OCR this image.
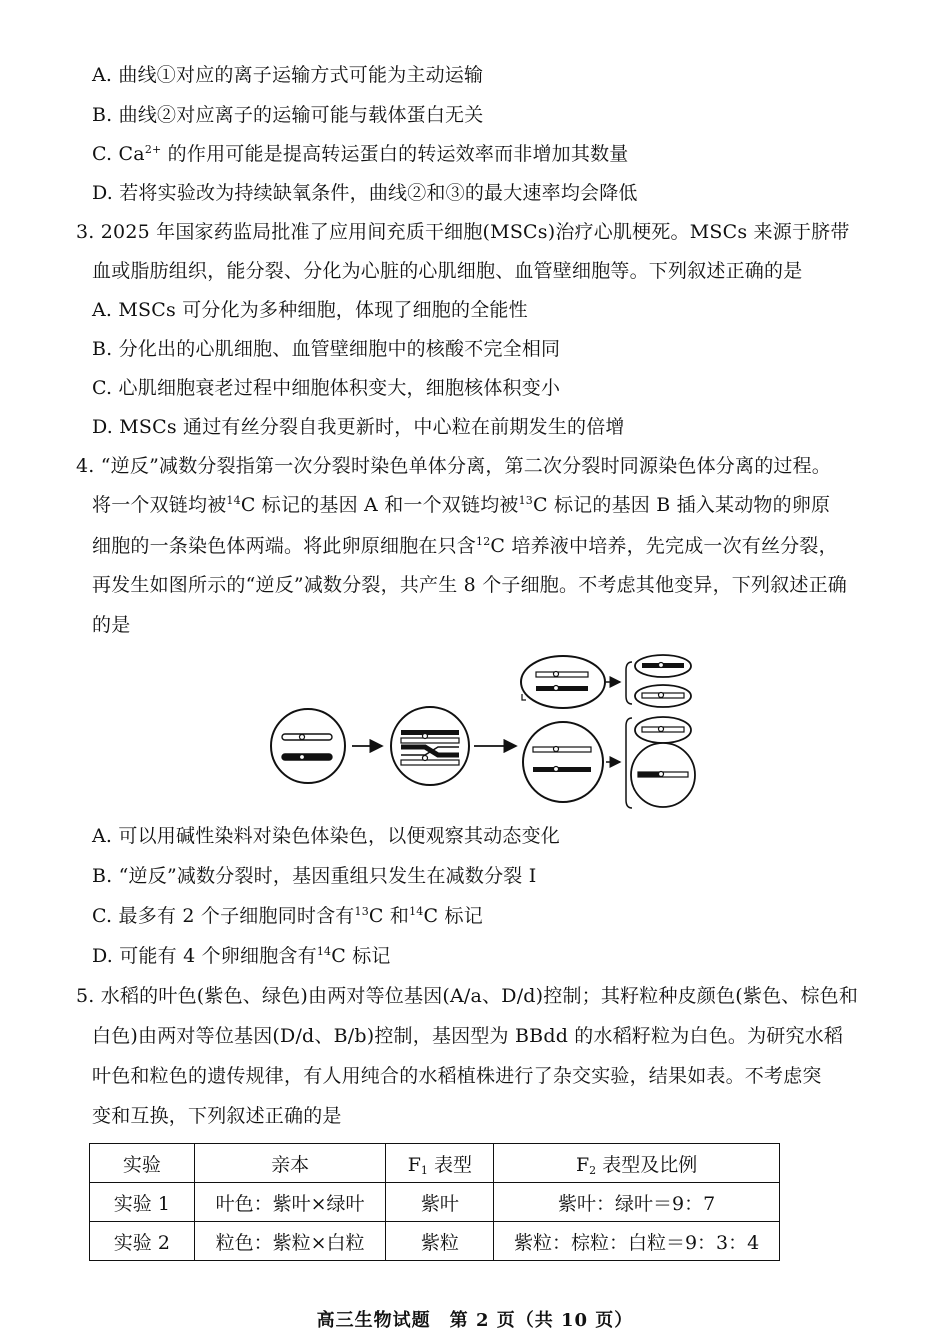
A. 曲线①对应的离子运输方式可能为主动运输
B. 曲线②对应离子的运输可能与载体蛋白无关
C. $Ca^{2+}$ 的作用可能是提高转运蛋白的转运效率而非增加其数量
D. 若将实验改为持续缺氧条件，曲线②和③的最大速率均会降低
3. 2025 年国家药监局批准了应用间充质干细胞(MSCs)治疗心肌梗死。MSCs 来源于脐带
血或脂肪组织，能分裂、分化为心脏的心肌细胞、血管壁细胞等。下列叙述正确的是
A. MSCs 可分化为多种细胞，体现了细胞的全能性
B. 分化出的心肌细胞、血管壁细胞中的核酸不完全相同
C. 心肌细胞衰老过程中细胞体积变大，细胞核体积变小
D. MSCs 通过有丝分裂自我更新时，中心粒在前期发生的倍增
4. “逆反”减数分裂指第一次分裂时染色单体分离，第二次分裂时同源染色体分离的过程。
将一个双链均被$^{14}$C 标记的基因 A 和一个双链均被$^{13}$C 标记的基因 B 插入某动物的卵原
细胞的一条染色体两端。将此卵原细胞在只含$^{12}$C 培养液中培养，先完成一次有丝分裂，
再发生如图所示的“逆反”减数分裂，共产生 8 个子细胞。不考虑其他变异，下列叙述正确
的是
A. 可以用碱性染料对染色体染色，以便观察其动态变化
B. “逆反”减数分裂时，基因重组只发生在减数分裂 Ⅰ
C. 最多有 2 个子细胞同时含有$^{13}$C 和$^{14}$C 标记
D. 可能有 4 个卵细胞含有$^{14}$C 标记
5. 水稻的叶色(紫色、绿色)由两对等位基因(A/a、D/d)控制；其籽粒种皮颜色(紫色、棕色和
白色)由两对等位基因(D/d、B/b)控制，基因型为 BBdd 的水稻籽粒为白色。为研究水稻
叶色和粒色的遗传规律，有人用纯合的水稻植株进行了杂交实验，结果如表。不考虑突
变和互换，下列叙述正确的是
实验	亲本	$F_1$ 表型	$F_2$ 表型及比例
实验 1	叶色：紫叶×绿叶	紫叶	紫叶：绿叶＝9：7
实验 2	粒色：紫粒×白粒	紫粒	紫粒：棕粒：白粒＝9：3：4
高三生物试题　第 2 页（共 10 页）
